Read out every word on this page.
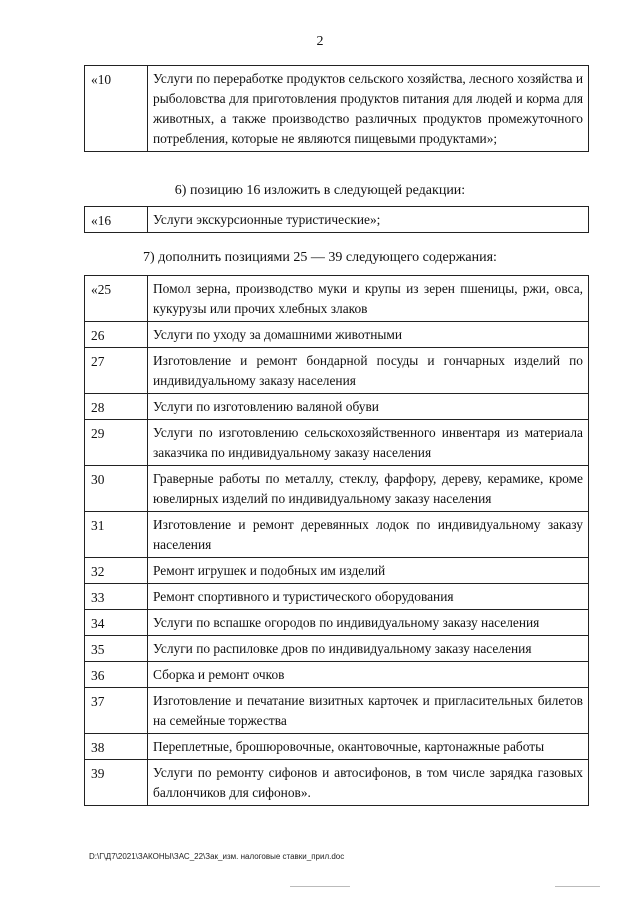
2
«10	Услуги по переработке продуктов сельского хозяйства, лесного хозяйства и рыболовства для приготовления продуктов питания для людей и корма для животных, а также производство различных продуктов промежуточного потребления, которые не являются пищевыми продуктами»;
6) позицию 16 изложить в следующей редакции:
«16	Услуги экскурсионные туристические»;
7) дополнить позициями 25 — 39 следующего содержания:
«25	Помол зерна, производство муки и крупы из зерен пшеницы, ржи, овса, кукурузы или прочих хлебных злаков
26	Услуги по уходу за домашними животными
27	Изготовление и ремонт бондарной посуды и гончарных изделий по индивидуальному заказу населения
28	Услуги по изготовлению валяной обуви
29	Услуги по изготовлению сельскохозяйственного инвентаря из материала заказчика по индивидуальному заказу населения
30	Граверные работы по металлу, стеклу, фарфору, дереву, керамике, кроме ювелирных изделий по индивидуальному заказу населения
31	Изготовление и ремонт деревянных лодок по индивидуальному заказу населения
32	Ремонт игрушек и подобных им изделий
33	Ремонт спортивного и туристического оборудования
34	Услуги по вспашке огородов по индивидуальному заказу населения
35	Услуги по распиловке дров по индивидуальному заказу населения
36	Сборка и ремонт очков
37	Изготовление и печатание визитных карточек и пригласительных билетов на семейные торжества
38	Переплетные, брошюровочные, окантовочные, картонажные работы
39	Услуги по ремонту сифонов и автосифонов, в том числе зарядка газовых баллончиков для сифонов».
D:\Г\Д7\2021\ЗАКОНЫ\ЗАС_22\Зак_изм. налоговые ставки_прил.doc
